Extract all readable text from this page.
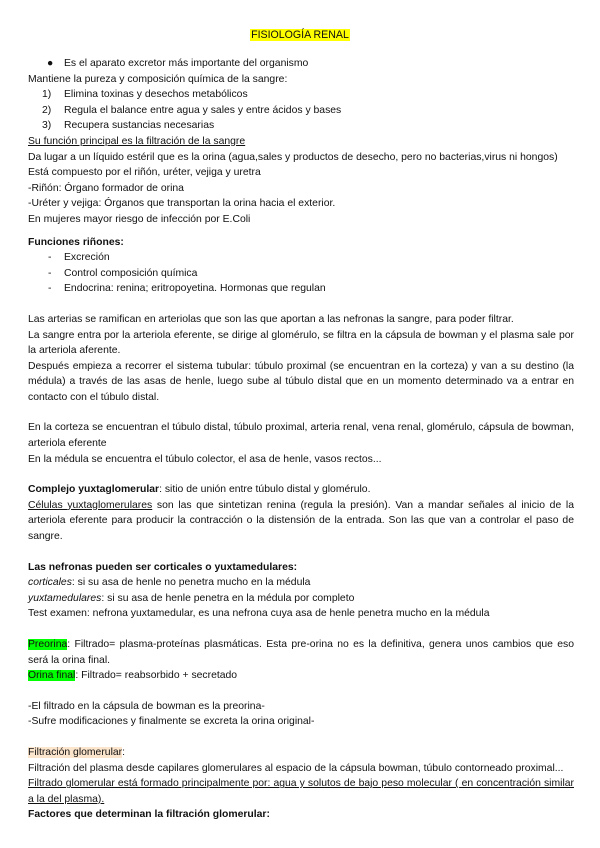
FISIOLOGÍA RENAL

● Es el aparato excretor más importante del organismo

Mantiene la pureza y composición química de la sangre:

1) Elimina toxinas y desechos metabólicos

2) Regula el balance entre agua y sales y entre ácidos y bases

3) Recupera sustancias necesarias

Su función principal es la filtración de la sangre

Da lugar a un líquido estéril que es la orina (agua,sales y productos de desecho, pero no bacterias,virus ni hongos)

Está compuesto por el riñón, uréter, vejiga y uretra

-Riñón: Órgano formador de orina

-Uréter y vejiga: Órganos que transportan la orina hacia el exterior.

En mujeres mayor riesgo de infección por E.Coli

Funciones riñones:

- Excreción

- Control composición química

- Endocrina: renina; eritropoyetina. Hormonas que regulan

Las arterias se ramifican en arteriolas que son las que aportan a las nefronas la sangre, para poder filtrar.

La sangre entra por la arteriola eferente, se dirige al glomérulo, se filtra en la cápsula de bowman y el plasma sale por la arteriola aferente.

Después empieza a recorrer el sistema tubular: túbulo proximal (se encuentran en la corteza) y van a su destino (la médula) a través de las asas de henle, luego sube al túbulo distal que en un momento determinado va a entrar en contacto con el túbulo distal.

En la corteza se encuentran el túbulo distal, túbulo proximal, arteria renal, vena renal, glomérulo, cápsula de bowman, arteriola eferente

En la médula se encuentra el túbulo colector, el asa de henle, vasos rectos...

Complejo yuxtaglomerular: sitio de unión entre túbulo distal y glomérulo.

Células yuxtaglomerulares son las que sintetizan renina (regula la presión). Van a mandar señales al inicio de la arteriola eferente para producir la contracción o la distensión de la entrada. Son las que van a controlar el paso de sangre.

Las nefronas pueden ser corticales o yuxtamedulares:

corticales: si su asa de henle no penetra mucho en la médula

yuxtamedulares: si su asa de henle penetra en la médula por completo

Test examen: nefrona yuxtamedular, es una nefrona cuya asa de henle penetra mucho en la médula

Preorina: Filtrado= plasma-proteínas plasmáticas. Esta pre-orina no es la definitiva, genera unos cambios que eso será la orina final.

Orina final: Filtrado= reabsorbido + secretado

-El filtrado en la cápsula de bowman es la preorina-

-Sufre modificaciones y finalmente se excreta la orina original-

Filtración glomerular:

Filtración del plasma desde capilares glomerulares al espacio de la cápsula bowman, túbulo contorneado proximal...

Filtrado glomerular está formado principalmente por: agua y solutos de bajo peso molecular ( en concentración similar a la del plasma).

Factores que determinan la filtración glomerular:
